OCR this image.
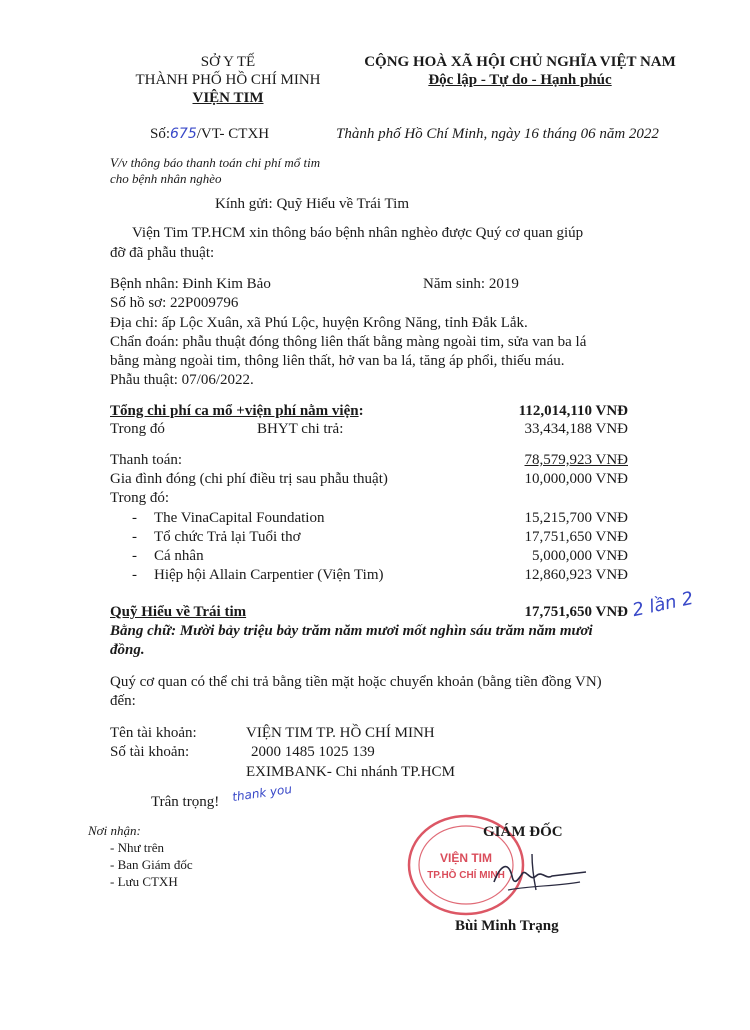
SỞ Y TẾ
THÀNH PHỐ HỒ CHÍ MINH
VIỆN TIM
CỘNG HOÀ XÃ HỘI CHỦ NGHĨA VIỆT NAM
Độc lập - Tự do - Hạnh phúc
Số:675/VT- CTXH	Thành phố Hồ Chí Minh, ngày 16 tháng 06 năm 2022
V/v thông báo thanh toán chi phí mổ tim
cho bệnh nhân nghèo
Kính gửi: Quỹ Hiểu về Trái Tim
Viện Tim TP.HCM xin thông báo bệnh nhân nghèo được Quý cơ quan giúp
đỡ đã phẫu thuật:
Bệnh nhân: Đinh Kim Bảo	Năm sinh: 2019
Số hồ sơ: 22P009796
Địa chỉ: ấp Lộc Xuân, xã Phú Lộc, huyện Krông Năng, tỉnh Đắk Lắk.
Chẩn đoán: phẫu thuật đóng thông liên thất bằng màng ngoài tim, sửa van ba lá
bằng màng ngoài tim, thông liên thất, hở van ba lá, tăng áp phổi, thiếu máu.
Phẫu thuật: 07/06/2022.
Tổng chi phí ca mổ +viện phí nằm viện:	112,014,110 VNĐ
Trong đó	BHYT chi trả:	33,434,188 VNĐ
Thanh toán:	78,579,923 VNĐ
Gia đình đóng (chi phí điều trị sau phẫu thuật)	10,000,000 VNĐ
Trong đó:
- The VinaCapital Foundation	15,215,700 VNĐ
- Tổ chức Trả lại Tuổi thơ	17,751,650 VNĐ
- Cá nhân	5,000,000 VNĐ
- Hiệp hội Allain Carpentier (Viện Tim)	12,860,923 VNĐ
Quỹ Hiểu về Trái tim	17,751,650 VNĐ 2 lần 2
Bằng chữ: Mười bảy triệu bảy trăm năm mươi mốt nghìn sáu trăm năm mươi
đồng.
Quý cơ quan có thể chi trả bằng tiền mặt hoặc chuyển khoản (bằng tiền đồng VN)
đến:
Tên tài khoản:	VIỆN TIM TP. HỒ CHÍ MINH
Số tài khoản:	2000 1485 1025 139
EXIMBANK- Chi nhánh TP.HCM
Trân trọng! thank you
Nơi nhận:
- Như trên
- Ban Giám đốc
- Lưu CTXH
VIỆN TIM
TP.HỒ CHÍ MINH
GIÁM ĐỐC
Bùi Minh Trạng
